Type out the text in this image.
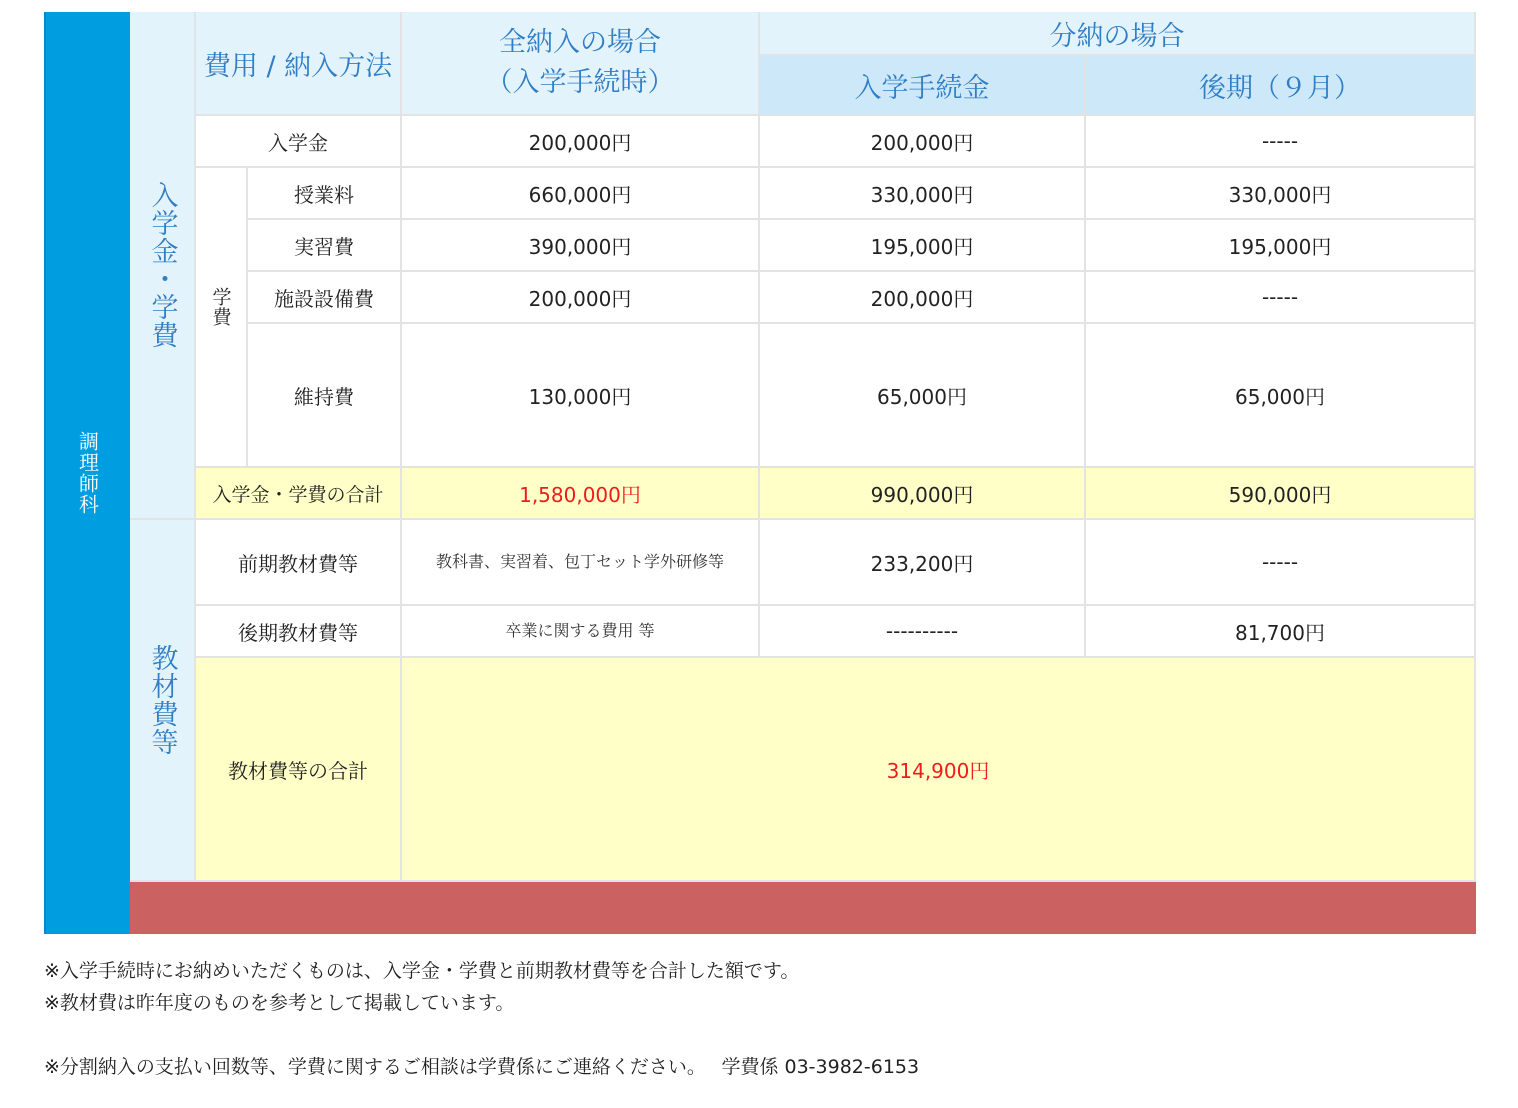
調理師科
入学金・学費
教材費等
費用 / 納入方法
全納入の場合
（入学手続時）
分納の場合
入学手続金	後期（９月）
入学金	200,000円	200,000円	-----
学費
授業料	660,000円	330,000円	330,000円
実習費	390,000円	195,000円	195,000円
施設設備費	200,000円	200,000円	-----
維持費	130,000円	65,000円	65,000円
入学金・学費の合計	1,580,000円	990,000円	590,000円
前期教材費等	教科書、実習着、包丁セット学外研修等	233,200円	-----
後期教材費等	卒業に関する費用 等	----------	81,700円
教材費等の合計	314,900円
※入学手続時にお納めいただくものは、入学金・学費と前期教材費等を合計した額です。
※教材費は昨年度のものを参考として掲載しています。
※分割納入の支払い回数等、学費に関するご相談は学費係にご連絡ください。　 学費係 03-3982-6153
